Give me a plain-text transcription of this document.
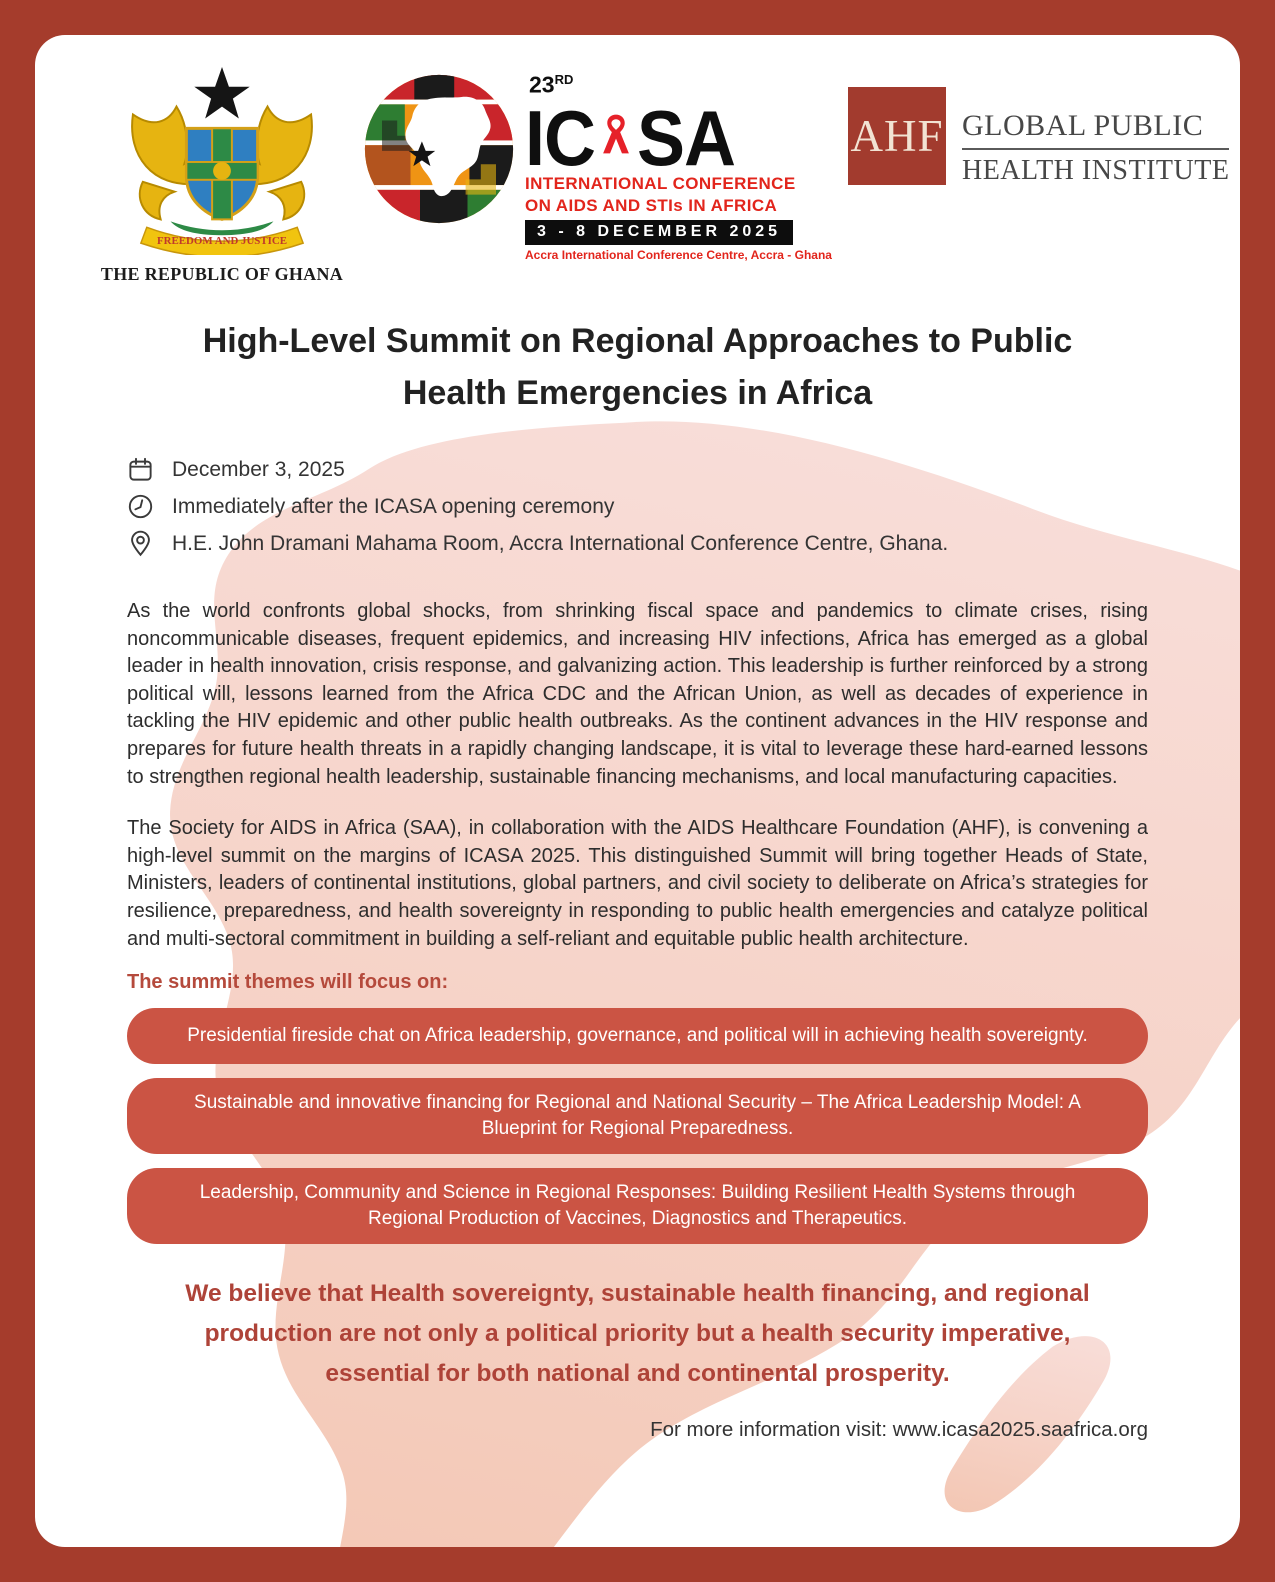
FREEDOM AND JUSTICE
THE REPUBLIC OF GHANA
23RD
IC SA
INTERNATIONAL CONFERENCE
ON AIDS AND STIs IN AFRICA
3 - 8 DECEMBER 2025
Accra International Conference Centre, Accra - Ghana
AHF GLOBAL PUBLIC
HEALTH INSTITUTE
High-Level Summit on Regional Approaches to Public
Health Emergencies in Africa
December 3, 2025
Immediately after the ICASA opening ceremony
H.E. John Dramani Mahama Room, Accra International Conference Centre, Ghana.

As the world confronts global shocks, from shrinking fiscal space and pandemics to climate crises, rising noncommunicable diseases, frequent epidemics, and increasing HIV infections, Africa has emerged as a global leader in health innovation, crisis response, and galvanizing action. This leadership is further reinforced by a strong political will, lessons learned from the Africa CDC and the African Union, as well as decades of experience in tackling the HIV epidemic and other public health outbreaks. As the continent advances in the HIV response and prepares for future health threats in a rapidly changing landscape, it is vital to leverage these hard-earned lessons to strengthen regional health leadership, sustainable financing mechanisms, and local manufacturing capacities.

The Society for AIDS in Africa (SAA), in collaboration with the AIDS Healthcare Foundation (AHF), is convening a high-level summit on the margins of ICASA 2025. This distinguished Summit will bring together Heads of State, Ministers, leaders of continental institutions, global partners, and civil society to deliberate on Africa’s strategies for resilience, preparedness, and health sovereignty in responding to public health emergencies and catalyze political and multi-sectoral commitment in building a self-reliant and equitable public health architecture.

The summit themes will focus on:
Presidential fireside chat on Africa leadership, governance, and political will in achieving health sovereignty.
Sustainable and innovative financing for Regional and National Security – The Africa Leadership Model: A Blueprint for Regional Preparedness.
Leadership, Community and Science in Regional Responses: Building Resilient Health Systems through Regional Production of Vaccines, Diagnostics and Therapeutics.
We believe that Health sovereignty, sustainable health financing, and regional
production are not only a political priority but a health security imperative,
essential for both national and continental prosperity.
For more information visit: www.icasa2025.saafrica.org
